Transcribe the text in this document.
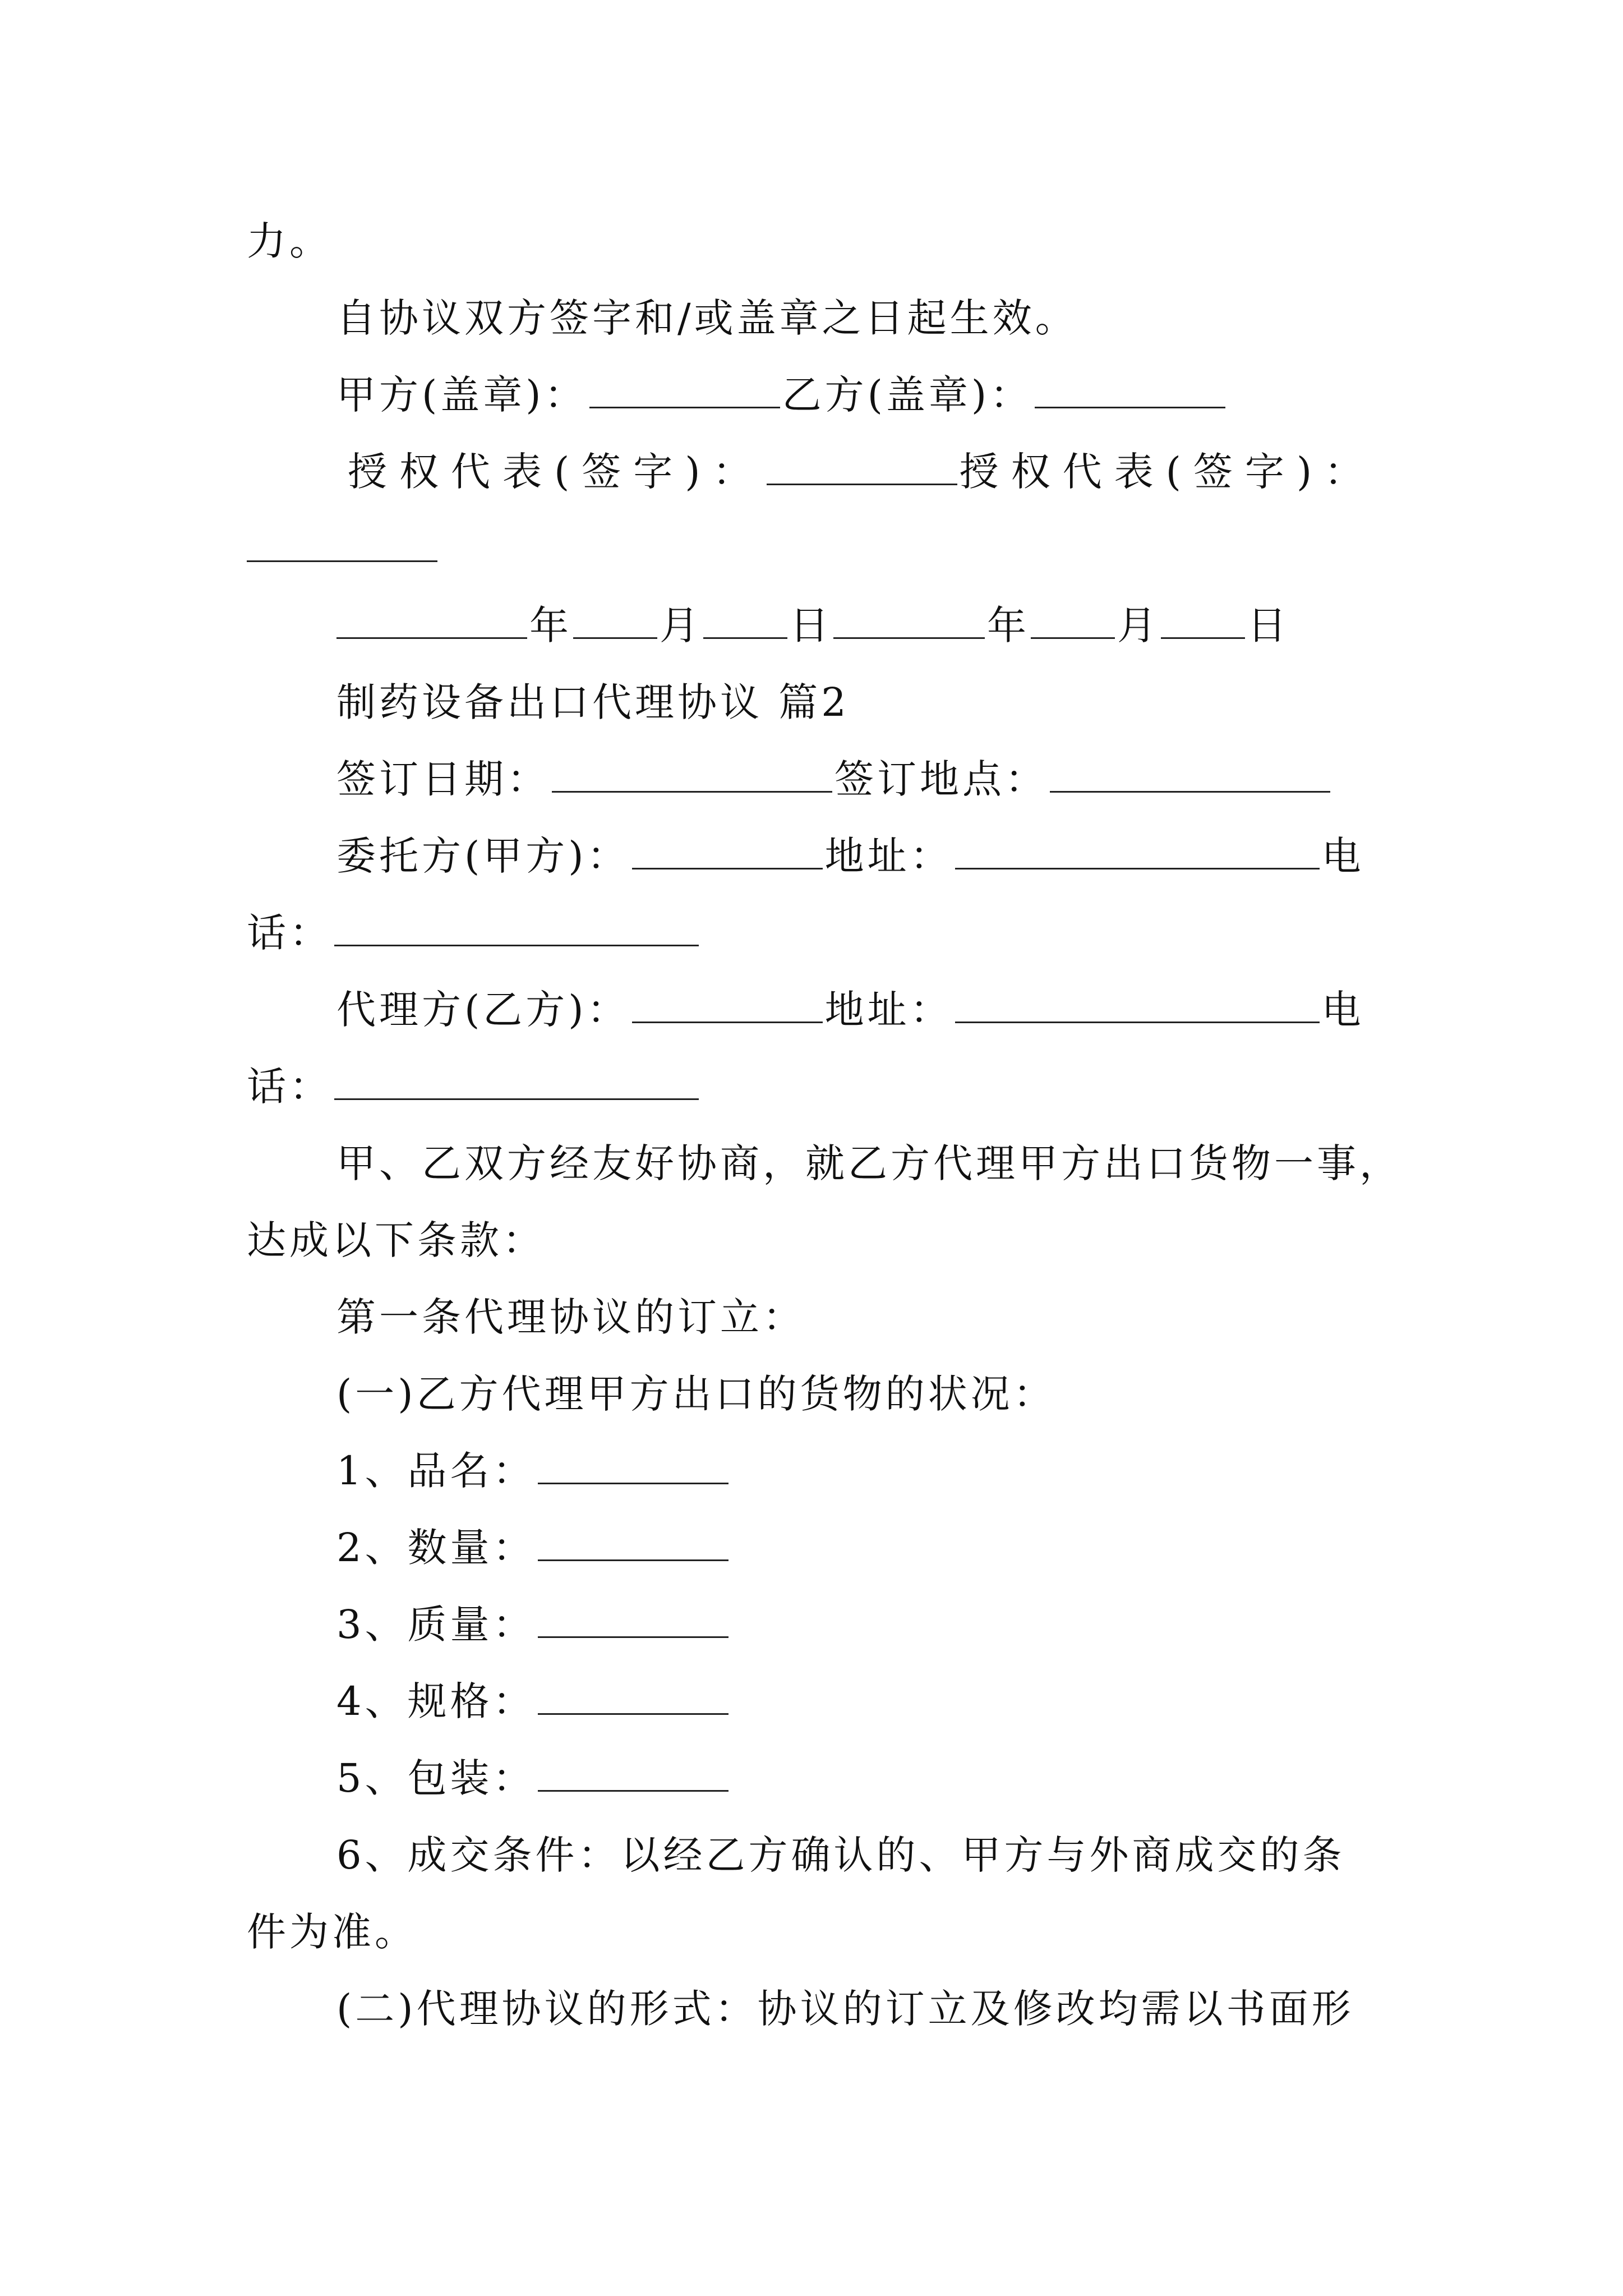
力。
自协议双方签字和/或盖章之日起生效。
甲方(盖章)：	乙方(盖章)：
授权代表(签字)：	授权代表(签字)：
年 月 日	年 月 日
制药设备出口代理协议 篇2
签订日期：	签订地点：
委托方(甲方)：	地址：	电
话：
代理方(乙方)：	地址：	电
话：
甲、乙双方经友好协商，就乙方代理甲方出口货物一事，
达成以下条款：
第一条代理协议的订立：
(一)乙方代理甲方出口的货物的状况：
1、品名：
2、数量：
3、质量：
4、规格：
5、包装：
6、成交条件：以经乙方确认的、甲方与外商成交的条
件为准。
(二)代理协议的形式：协议的订立及修改均需以书面形
